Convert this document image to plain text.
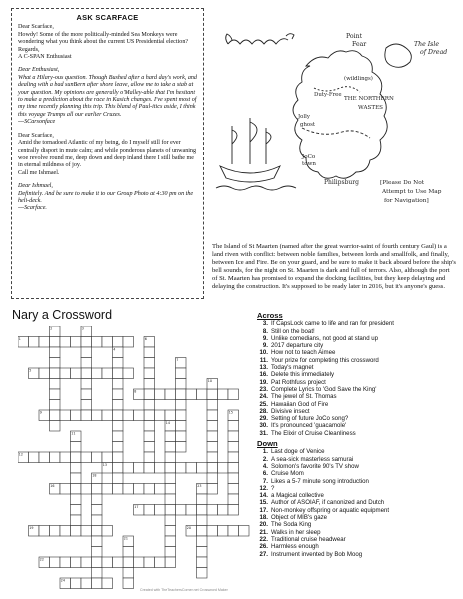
ASK SCARFACE

Dear Scarface,

Howdy! Some of the more politically-minded Sea Monkeys were wondering what you think about the current US Presidential election?

Regards,

A C-SPAN Enthusiast

Dear Enthusiast,

What a Hilary-ous question. Though Bushed after a hard day's work, and dealing with a bad sunBern after shore leave, allow me to take a stab at your question. My opinions are generally o'Malley-able that I'm hesitant to make a prediction about the race in Kasich changes. I've spent most of my time recently planning this trip. This bland of Paul-itics aside, I think this voyage Trumps all our earlier Cruzes.

---SCarsonface

Dear Scarface,

Amid the tornadoed Atlantic of my being, do I myself still for ever centrally disport in mute calm; and while ponderous planets of unwaning woe revolve round me, deep down and deep inland there I still bathe me in eternal mildness of joy.

Call me Ishmael.

Dear Ishmael,

Definitely. And be sure to make it to our Group Photo at 4:30 pm on the heli-deck.

---Scarface.

Point
Fear	The Isle
of Dread
(wildlings)
Duty-Free
THE NORTHERN
WASTES
Jolly
ghost
JoCo
town
Philipsburg	[Please Do Not
Attempt to Use Map
for Navigation]
The Island of St Maarten (named after the great warrior-saint of fourth century Gaul) is a land riven with conflict: between noble families, between lords and smallfolk, and finally, between Ice and Fire. Be on your guard, and be sure to make it back aboard before the ship's bell sounds, for the night on St. Maarten is dark and full of terrors. Also, although the port of St. Maarten has promised to expand the docking facilities, but they keep delaying and delaying the construction. It's supposed to be ready later in 2016, but it's anyone's guess.
Nary a Crossword
1
2	3
4
5
6
7
8
9
10
11
12
13
14
15
16
17
18
19	20
21
22
23
24
Across
3. If CapsLock came to life and ran for president
8. Still on the boat!
9. Unlike comedians, not good at stand up
9. 2017 departure city
10. How not to teach Aimee
11. Your prize for completing this crossword
13. Today's magnet
16. Delete this immediately
19. Pat Rothfuss project
23. Complete Lyrics to 'God Save the King'
24. The jewel of St. Thomas
25. Hawaiian God of Fire
28. Divisive insect
29. Setting of future JoCo song?
30. It's pronounced 'guacamole'
31. The Elixir of Cruise Cleanliness
Down
1. Last doge of Venice
2. A sea-sick masterless samurai
4. Solomon's favorite 90's TV show
6. Cruise Mom
7. Likes a 5-7 minute song introduction
12. ?
14. a Magical collective
15. Author of ASOIAF, if canonized and Dutch
17. Non-monkey offspring or aquatic equipment
18. Object of MIB's gaze
20. The Soda King
21. Walks in her sleep
22. Traditional cruise headwear
26. Harmless enough
27. Instrument invented by Bob Moog
Created with TheTeachersCorner.net Crossword Maker
